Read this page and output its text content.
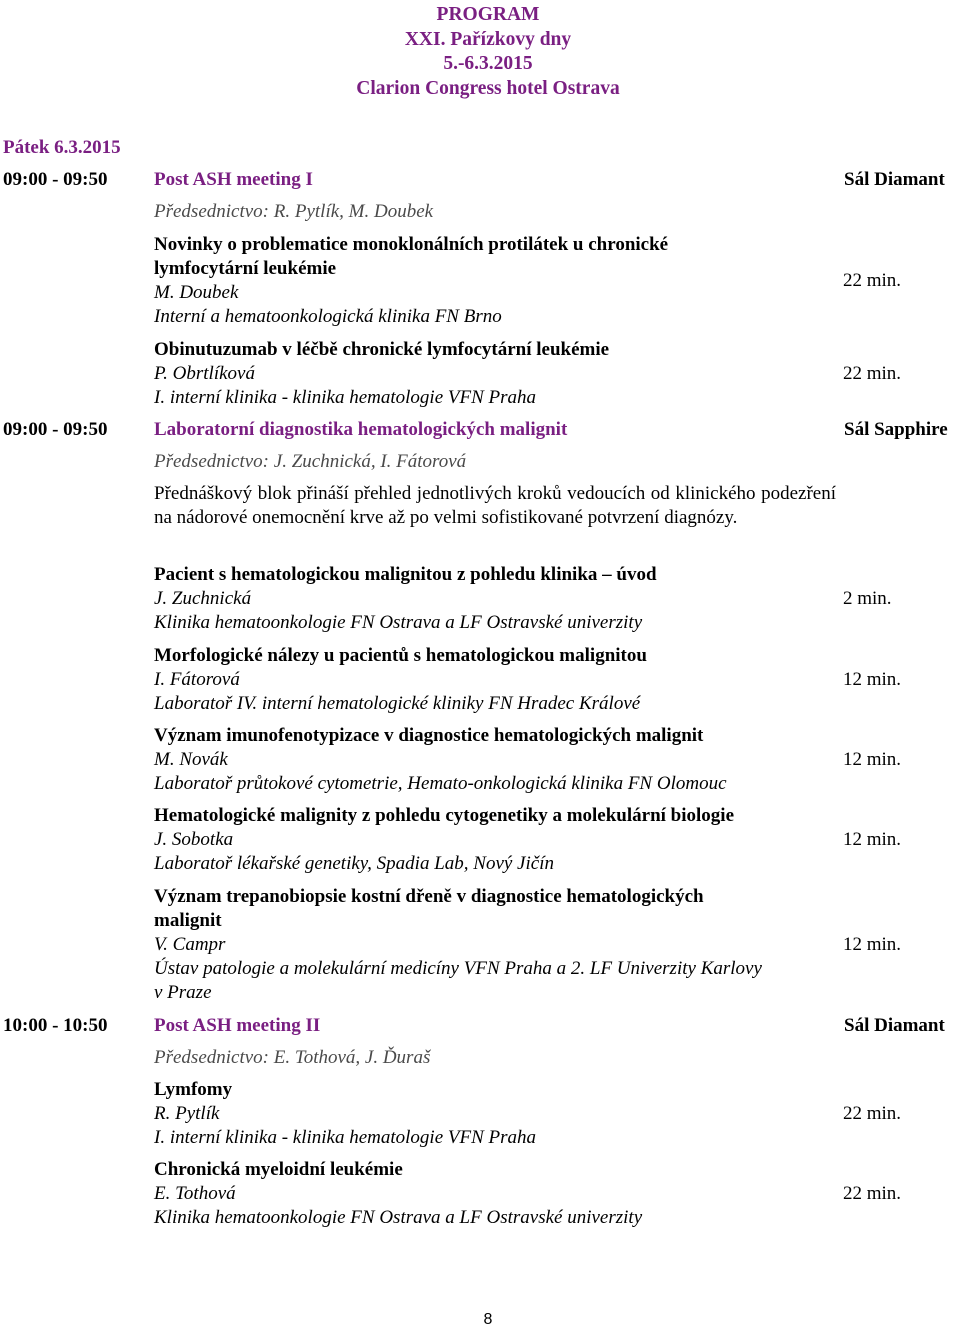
PROGRAM
XXI. Pařízkovy dny
5.-6.3.2015
Clarion Congress hotel Ostrava
Pátek 6.3.2015
09:00 - 09:50 Post ASH meeting I	Sál Diamant
Předsednictvo: R. Pytlík, M. Doubek
Novinky o problematice monoklonálních protilátek u chronické
lymfocytární leukémie
M. Doubek
Interní a hematoonkologická klinika FN Brno
22 min.
Obinutuzumab v léčbě chronické lymfocytární leukémie
P. Obrtlíková
I. interní klinika - klinika hematologie VFN Praha
22 min.
09:00 - 09:50 Laboratorní diagnostika hematologických malignit	Sál Sapphire
Předsednictvo: J. Zuchnická, I. Fátorová
Přednáškový blok přináší přehled jednotlivých kroků vedoucích od klinického podezření na nádorové onemocnění krve až po velmi sofistikované potvrzení diagnózy.
Pacient s hematologickou malignitou z pohledu klinika – úvod
J. Zuchnická
Klinika hematoonkologie FN Ostrava a LF Ostravské univerzity
2 min.
Morfologické nálezy u pacientů s hematologickou malignitou
I. Fátorová
Laboratoř IV. interní hematologické kliniky FN Hradec Králové
12 min.
Význam imunofenotypizace v diagnostice hematologických malignit
M. Novák
Laboratoř průtokové cytometrie, Hemato-onkologická klinika FN Olomouc
12 min.
Hematologické malignity z pohledu cytogenetiky a molekulární biologie
J. Sobotka
Laboratoř lékařské genetiky, Spadia Lab, Nový Jičín
12 min.
Význam trepanobiopsie kostní dřeně v diagnostice hematologických
malignit
V. Campr
Ústav patologie a molekulární medicíny VFN Praha a 2. LF Univerzity Karlovy
v Praze
12 min.
10:00 - 10:50 Post ASH meeting II	Sál Diamant
Předsednictvo: E. Tothová, J. Ďuraš
Lymfomy
R. Pytlík
I. interní klinika - klinika hematologie VFN Praha
22 min.
Chronická myeloidní leukémie
E. Tothová
Klinika hematoonkologie FN Ostrava a LF Ostravské univerzity
22 min.
8
